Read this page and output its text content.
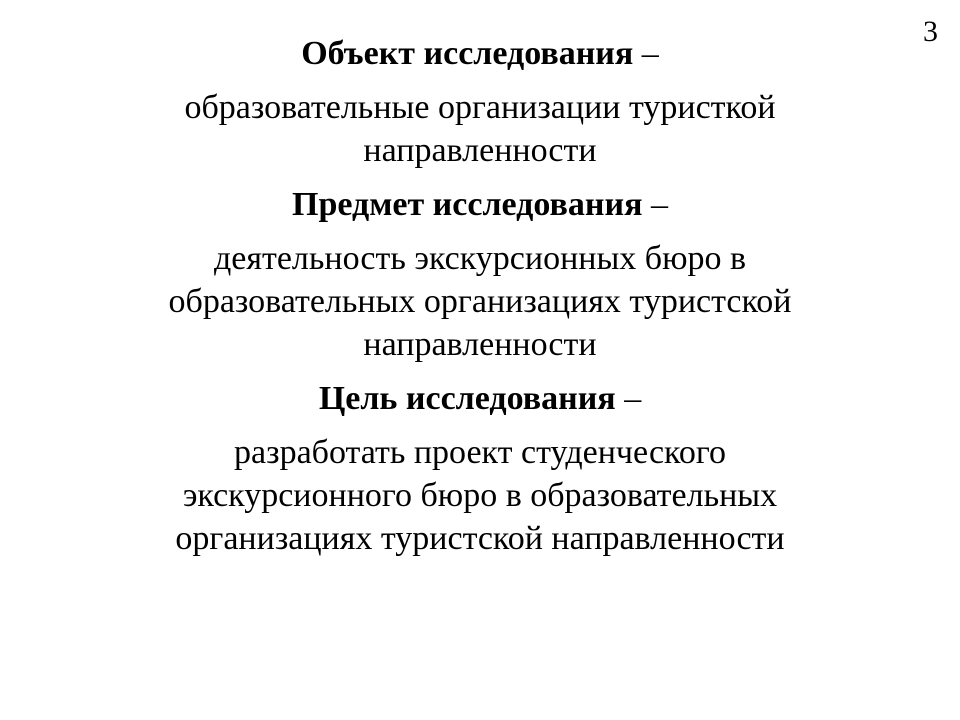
3
Объект исследования –
образовательные организации туристкой
направленности
Предмет исследования –
деятельность экскурсионных бюро в
образовательных организациях туристской
направленности
Цель исследования –
разработать проект студенческого
экскурсионного бюро в образовательных
организациях туристской направленности
